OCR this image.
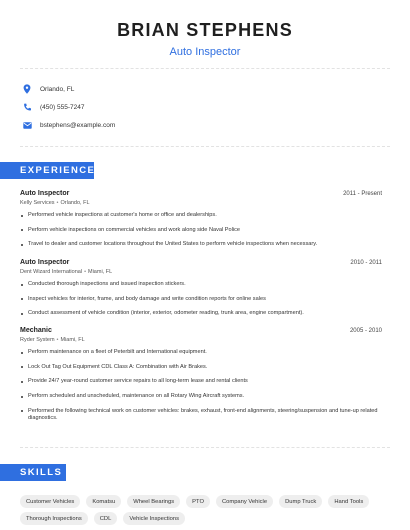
BRIAN STEPHENS
Auto Inspector
Orlando, FL
(450) 555-7247
bstephens@example.com
EXPERIENCE
Auto Inspector	2011 - Present
Kelly Services • Orlando, FL
Performed vehicle inspections at customer's home or office and dealerships.
Perform vehicle inspections on commercial vehicles and work along side Naval Police
Travel to dealer and customer locations throughout the United States to perform vehicle inspections when necessary.
Auto Inspector	2010 - 2011
Dent Wizard International • Miami, FL
Conducted thorough inspections and issued inspection stickers.
Inspect vehicles for interior, frame, and body damage and write condition reports for online sales
Conduct assessment of vehicle condition (interior, exterior, odometer reading, trunk area, engine compartment).
Mechanic	2005 - 2010
Ryder System • Miami, FL
Perform maintenance on a fleet of Peterbilt and International equipment.
Lock Out Tag Out Equipment CDL Class A: Combination with Air Brakes.
Provide 24/7 year-round customer service repairs to all long-term lease and rental clients
Perform scheduled and unscheduled, maintenance on all Rotary Wing Aircraft systems.
Performed the following technical work on customer vehicles: brakes, exhaust, front-end alignments, steering/suspension and tune-up related diagnostics.
SKILLS
Customer Vehicles	Komatsu	Wheel Bearings	PTO	Company Vehicle	Dump Truck	Hand Tools
Thorough Inspections	CDL	Vehicle Inspections
